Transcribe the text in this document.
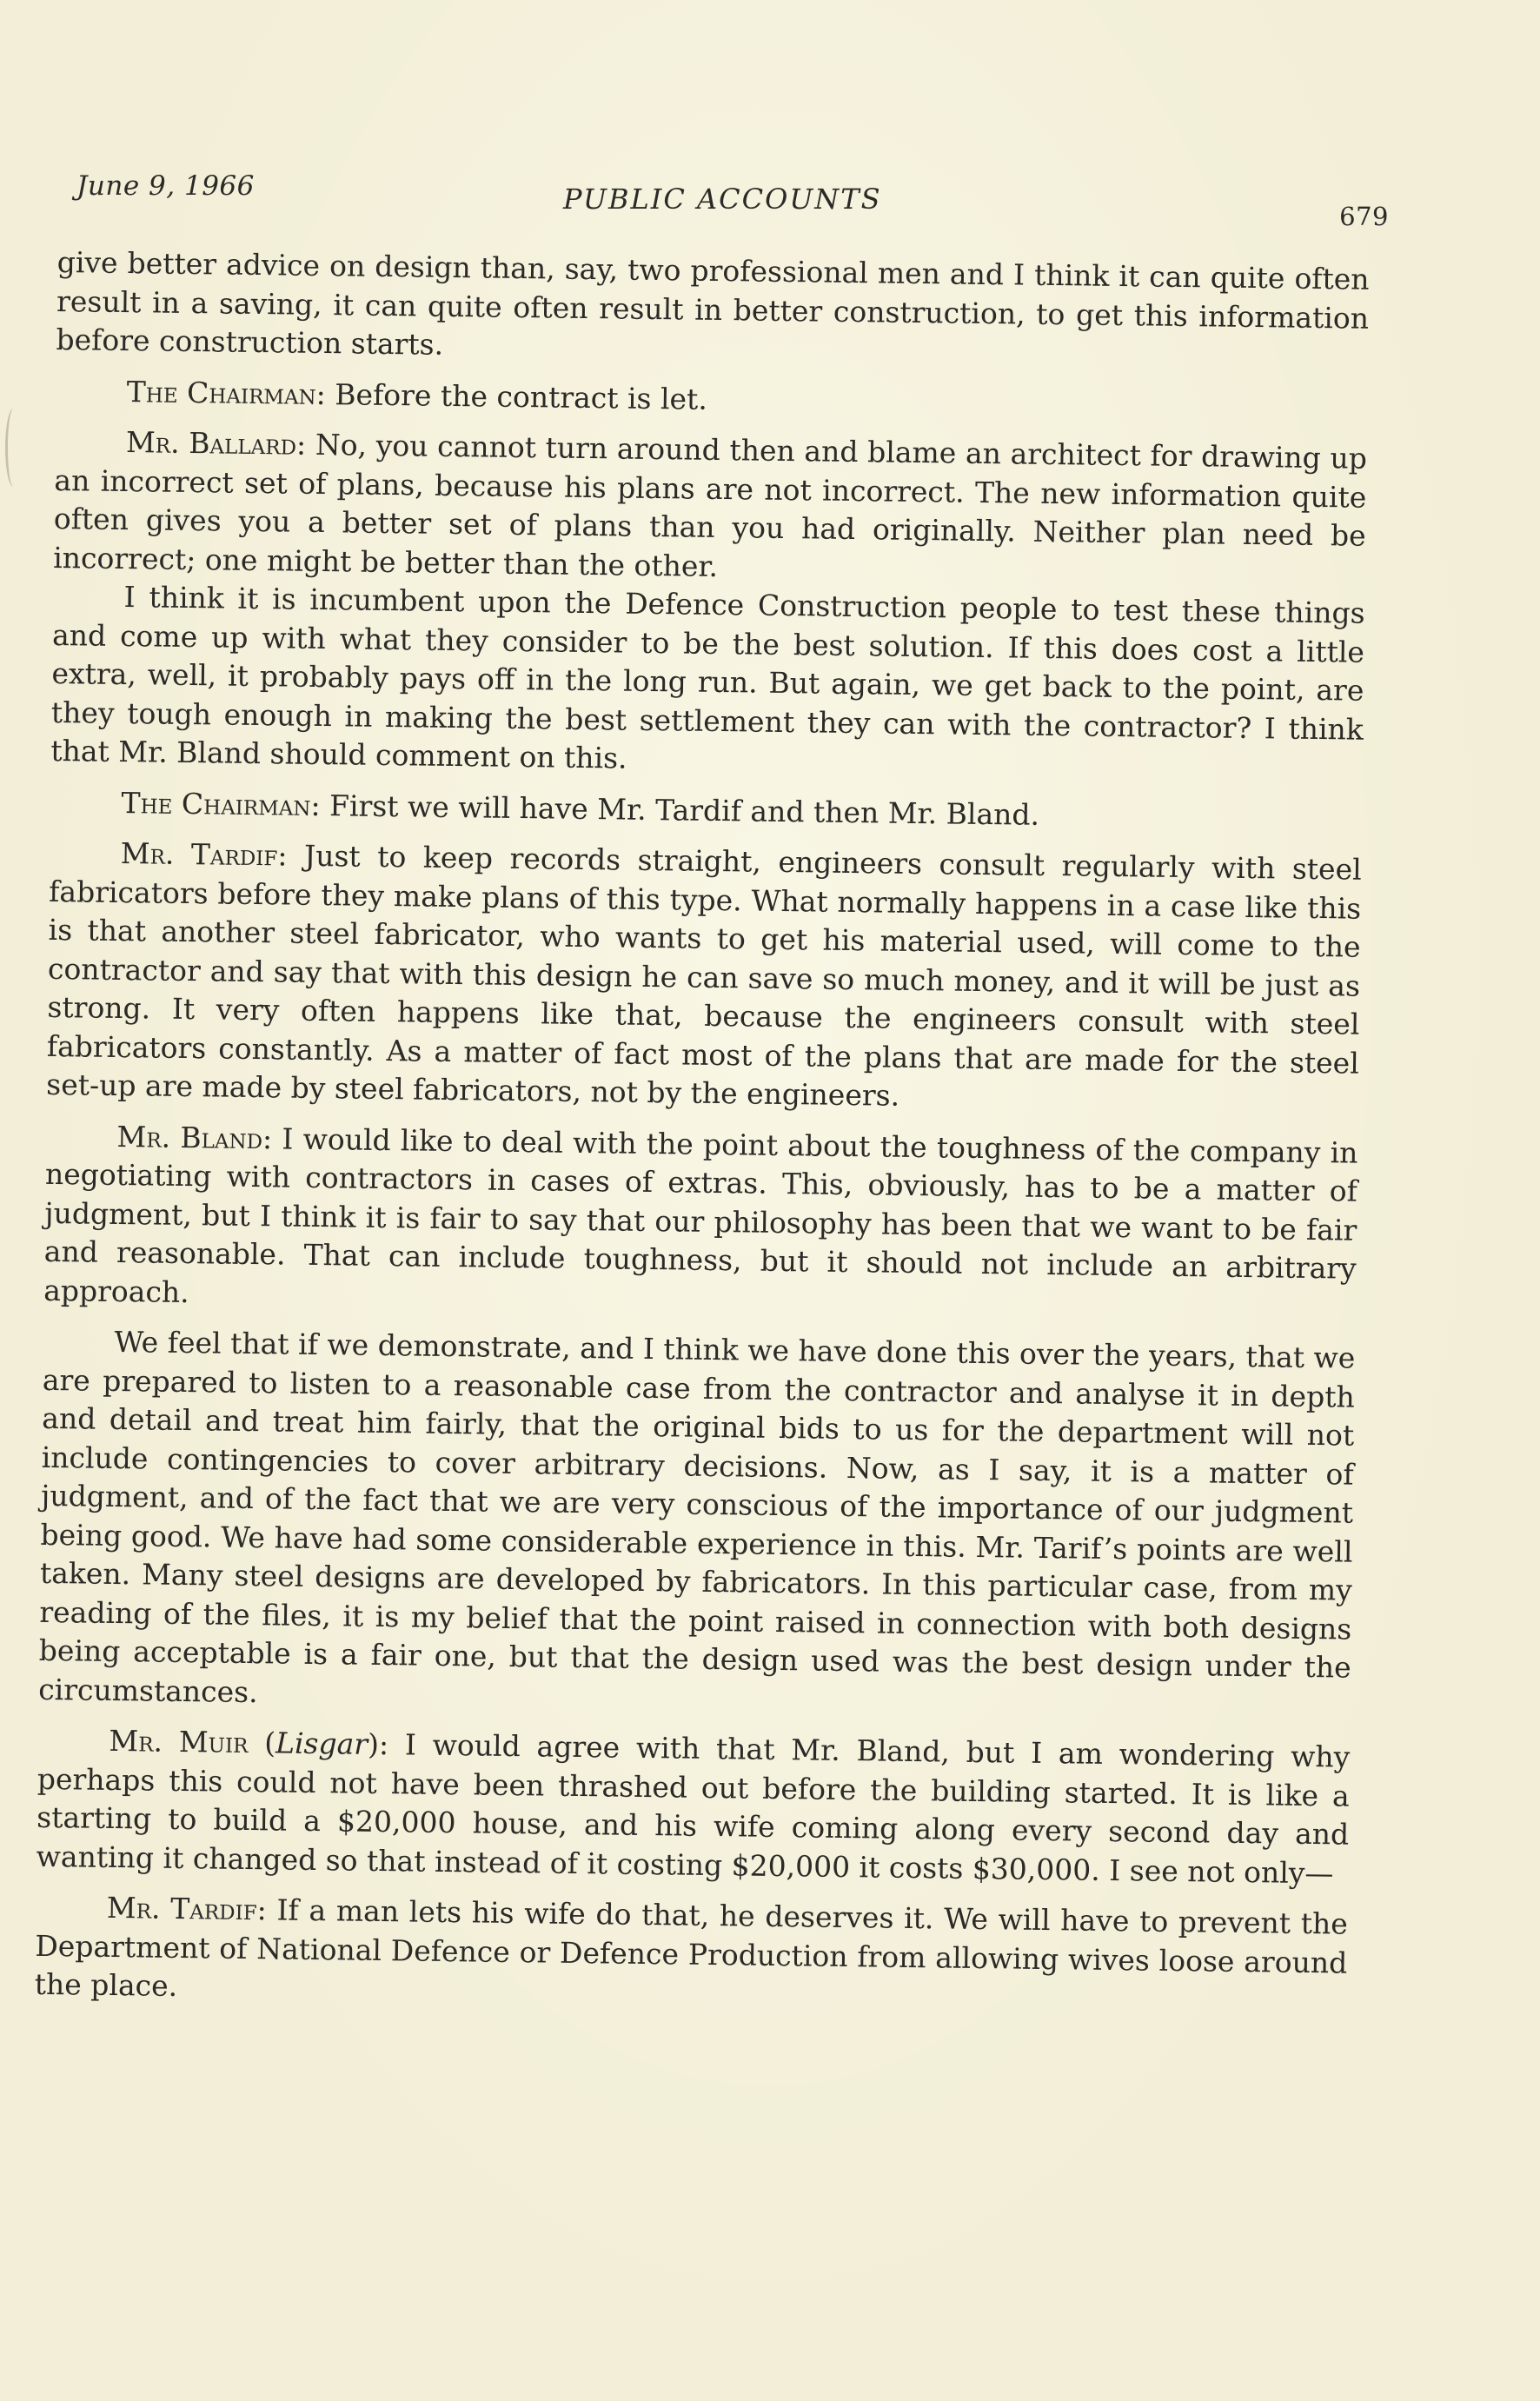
June 9, 1966	PUBLIC ACCOUNTS
679

give better advice on design than, say, two professional men and I think it can quite often result in a saving, it can quite often result in better construction, to get this information before construction starts.

The Chairman: Before the contract is let.

Mr. Ballard: No, you cannot turn around then and blame an architect for drawing up an incorrect set of plans, because his plans are not incorrect. The new information quite often gives you a better set of plans than you had originally. Neither plan need be incorrect; one might be better than the other.

I think it is incumbent upon the Defence Construction people to test these things and come up with what they consider to be the best solution. If this does cost a little extra, well, it probably pays off in the long run. But again, we get back to the point, are they tough enough in making the best settlement they can with the contractor? I think that Mr. Bland should comment on this.

The Chairman: First we will have Mr. Tardif and then Mr. Bland.

Mr. Tardif: Just to keep records straight, engineers consult regularly with steel fabricators before they make plans of this type. What normally happens in a case like this is that another steel fabricator, who wants to get his material used, will come to the contractor and say that with this design he can save so much money, and it will be just as strong. It very often happens like that, because the engineers consult with steel fabricators constantly. As a matter of fact most of the plans that are made for the steel set-up are made by steel fabricators, not by the engineers.

Mr. Bland: I would like to deal with the point about the toughness of the company in negotiating with contractors in cases of extras. This, obviously, has to be a matter of judgment, but I think it is fair to say that our philosophy has been that we want to be fair and reasonable. That can include toughness, but it should not include an arbitrary approach.

We feel that if we demonstrate, and I think we have done this over the years, that we are prepared to listen to a reasonable case from the contractor and analyse it in depth and detail and treat him fairly, that the original bids to us for the department will not include contingencies to cover arbitrary decisions. Now, as I say, it is a matter of judgment, and of the fact that we are very conscious of the importance of our judgment being good. We have had some considerable experience in this. Mr. Tarif’s points are well taken. Many steel designs are developed by fabricators. In this particular case, from my reading of the files, it is my belief that the point raised in connection with both designs being acceptable is a fair one, but that the design used was the best design under the circumstances.

Mr. Muir (Lisgar): I would agree with that Mr. Bland, but I am wondering why perhaps this could not have been thrashed out before the building started. It is like a starting to build a $20,000 house, and his wife coming along every second day and wanting it changed so that instead of it costing $20,000 it costs $30,000. I see not only—

Mr. Tardif: If a man lets his wife do that, he deserves it. We will have to prevent the Department of National Defence or Defence Production from allowing wives loose around the place.
